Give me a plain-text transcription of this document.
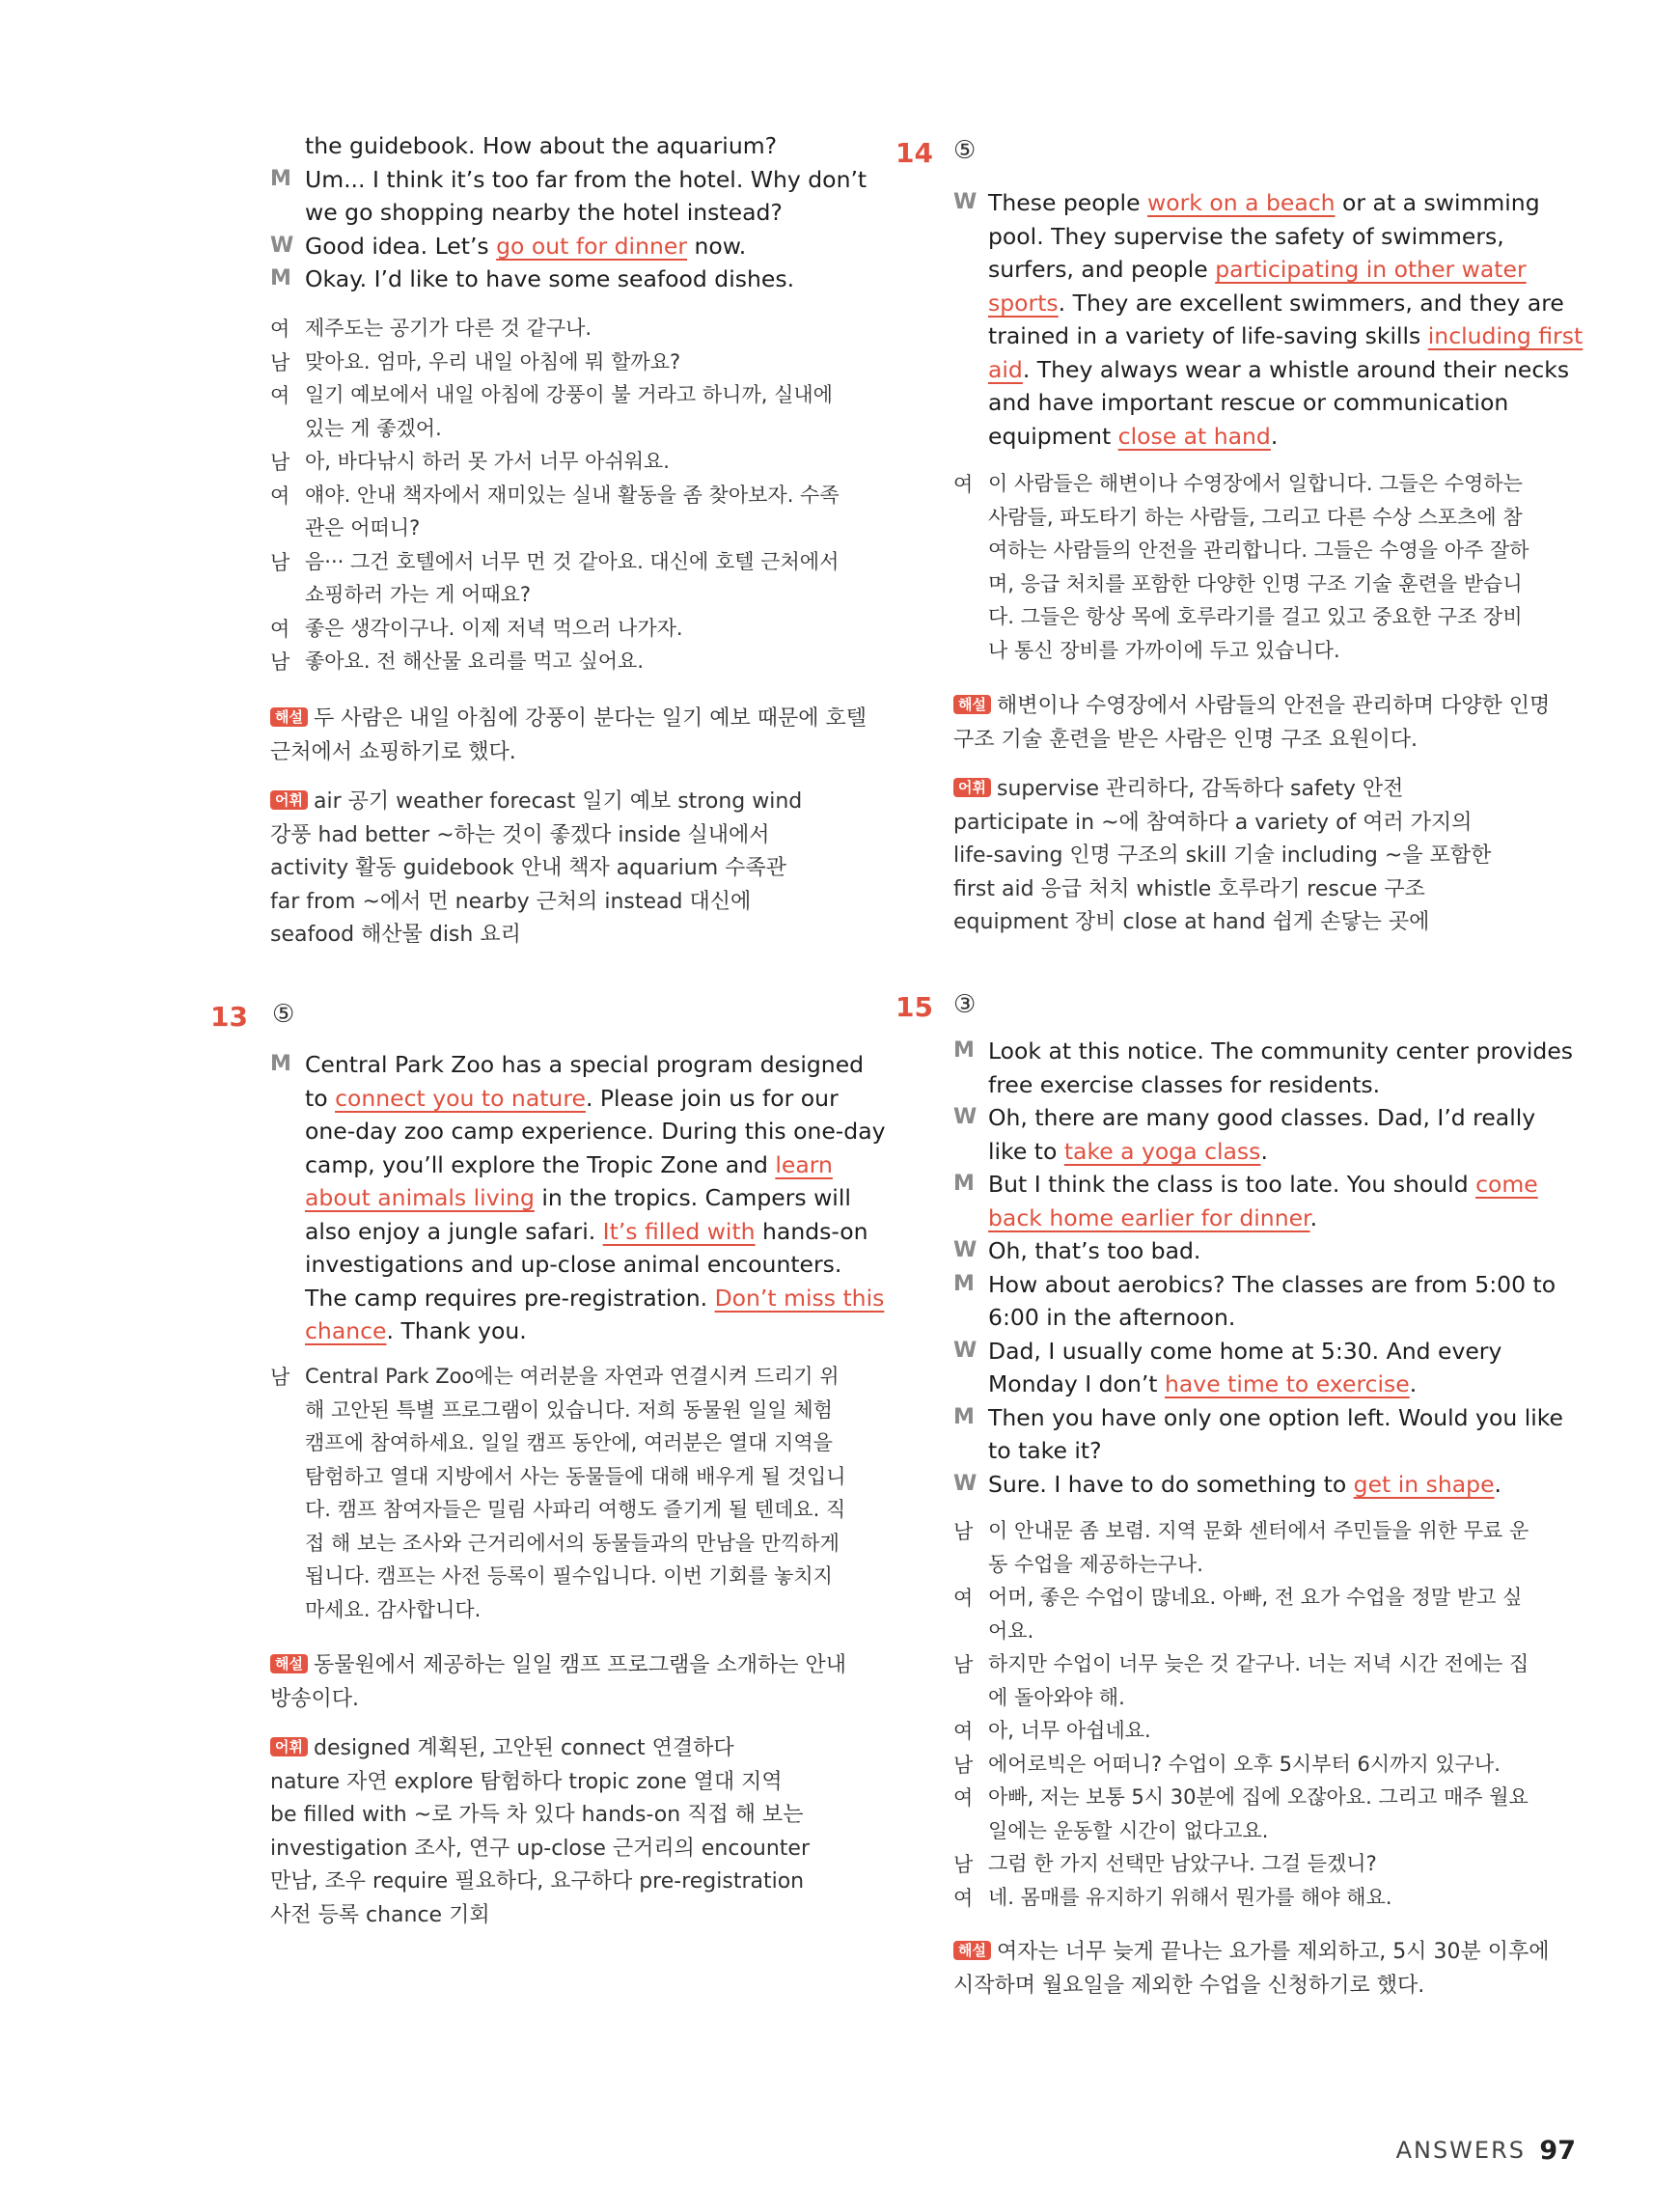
the guidebook. How about the aquarium?
M Um... I think it’s too far from the hotel. Why don’t
we go shopping nearby the hotel instead?
W Good idea. Let’s go out for dinner now.
M Okay. I’d like to have some seafood dishes.
여 제주도는 공기가 다른 것 같구나.
남 맞아요. 엄마, 우리 내일 아침에 뭐 할까요?
여 일기 예보에서 내일 아침에 강풍이 불 거라고 하니까, 실내에
있는 게 좋겠어.
남 아, 바다낚시 하러 못 가서 너무 아쉬워요.
여 얘야. 안내 책자에서 재미있는 실내 활동을 좀 찾아보자. 수족
관은 어떠니?
남 음··· 그건 호텔에서 너무 먼 것 같아요. 대신에 호텔 근처에서
쇼핑하러 가는 게 어때요?
여 좋은 생각이구나. 이제 저녁 먹으러 나가자.
남 좋아요. 전 해산물 요리를 먹고 싶어요.
해설 두 사람은 내일 아침에 강풍이 분다는 일기 예보 때문에 호텔
근처에서 쇼핑하기로 했다.
어휘 air 공기 weather forecast 일기 예보 strong wind
강풍 had better ~하는 것이 좋겠다 inside 실내에서
activity 활동 guidebook 안내 책자 aquarium 수족관
far from ~에서 먼 nearby 근처의 instead 대신에
seafood 해산물 dish 요리
13 ⑤
M Central Park Zoo has a special program designed
to connect you to nature. Please join us for our
one-day zoo camp experience. During this one-day
camp, you’ll explore the Tropic Zone and learn
about animals living in the tropics. Campers will
also enjoy a jungle safari. It’s filled with hands-on
investigations and up-close animal encounters.
The camp requires pre-registration. Don’t miss this
chance. Thank you.
남 Central Park Zoo에는 여러분을 자연과 연결시켜 드리기 위
해 고안된 특별 프로그램이 있습니다. 저희 동물원 일일 체험
캠프에 참여하세요. 일일 캠프 동안에, 여러분은 열대 지역을
탐험하고 열대 지방에서 사는 동물들에 대해 배우게 될 것입니
다. 캠프 참여자들은 밀림 사파리 여행도 즐기게 될 텐데요. 직
접 해 보는 조사와 근거리에서의 동물들과의 만남을 만끽하게
됩니다. 캠프는 사전 등록이 필수입니다. 이번 기회를 놓치지
마세요. 감사합니다.
해설 동물원에서 제공하는 일일 캠프 프로그램을 소개하는 안내
방송이다.
어휘 designed 계획된, 고안된 connect 연결하다
nature 자연 explore 탐험하다 tropic zone 열대 지역
be filled with ~로 가득 차 있다 hands-on 직접 해 보는
investigation 조사, 연구 up-close 근거리의 encounter
만남, 조우 require 필요하다, 요구하다 pre-registration
사전 등록 chance 기회
14 ⑤
W These people work on a beach or at a swimming
pool. They supervise the safety of swimmers,
surfers, and people participating in other water
sports. They are excellent swimmers, and they are
trained in a variety of life-saving skills including first
aid. They always wear a whistle around their necks
and have important rescue or communication
equipment close at hand.
여 이 사람들은 해변이나 수영장에서 일합니다. 그들은 수영하는
사람들, 파도타기 하는 사람들, 그리고 다른 수상 스포츠에 참
여하는 사람들의 안전을 관리합니다. 그들은 수영을 아주 잘하
며, 응급 처치를 포함한 다양한 인명 구조 기술 훈련을 받습니
다. 그들은 항상 목에 호루라기를 걸고 있고 중요한 구조 장비
나 통신 장비를 가까이에 두고 있습니다.
해설 해변이나 수영장에서 사람들의 안전을 관리하며 다양한 인명
구조 기술 훈련을 받은 사람은 인명 구조 요원이다.
어휘 supervise 관리하다, 감독하다 safety 안전
participate in ~에 참여하다 a variety of 여러 가지의
life-saving 인명 구조의 skill 기술 including ~을 포함한
first aid 응급 처치 whistle 호루라기 rescue 구조
equipment 장비 close at hand 쉽게 손닿는 곳에
15 ③
M Look at this notice. The community center provides
free exercise classes for residents.
W Oh, there are many good classes. Dad, I’d really
like to take a yoga class.
M But I think the class is too late. You should come
back home earlier for dinner.
W Oh, that’s too bad.
M How about aerobics? The classes are from 5:00 to
6:00 in the afternoon.
W Dad, I usually come home at 5:30. And every
Monday I don’t have time to exercise.
M Then you have only one option left. Would you like
to take it?
W Sure. I have to do something to get in shape.
남 이 안내문 좀 보렴. 지역 문화 센터에서 주민들을 위한 무료 운
동 수업을 제공하는구나.
여 어머, 좋은 수업이 많네요. 아빠, 전 요가 수업을 정말 받고 싶
어요.
남 하지만 수업이 너무 늦은 것 같구나. 너는 저녁 시간 전에는 집
에 돌아와야 해.
여 아, 너무 아쉽네요.
남 에어로빅은 어떠니? 수업이 오후 5시부터 6시까지 있구나.
여 아빠, 저는 보통 5시 30분에 집에 오잖아요. 그리고 매주 월요
일에는 운동할 시간이 없다고요.
남 그럼 한 가지 선택만 남았구나. 그걸 듣겠니?
여 네. 몸매를 유지하기 위해서 뭔가를 해야 해요.
해설 여자는 너무 늦게 끝나는 요가를 제외하고, 5시 30분 이후에
시작하며 월요일을 제외한 수업을 신청하기로 했다.
ANSWERS 97
